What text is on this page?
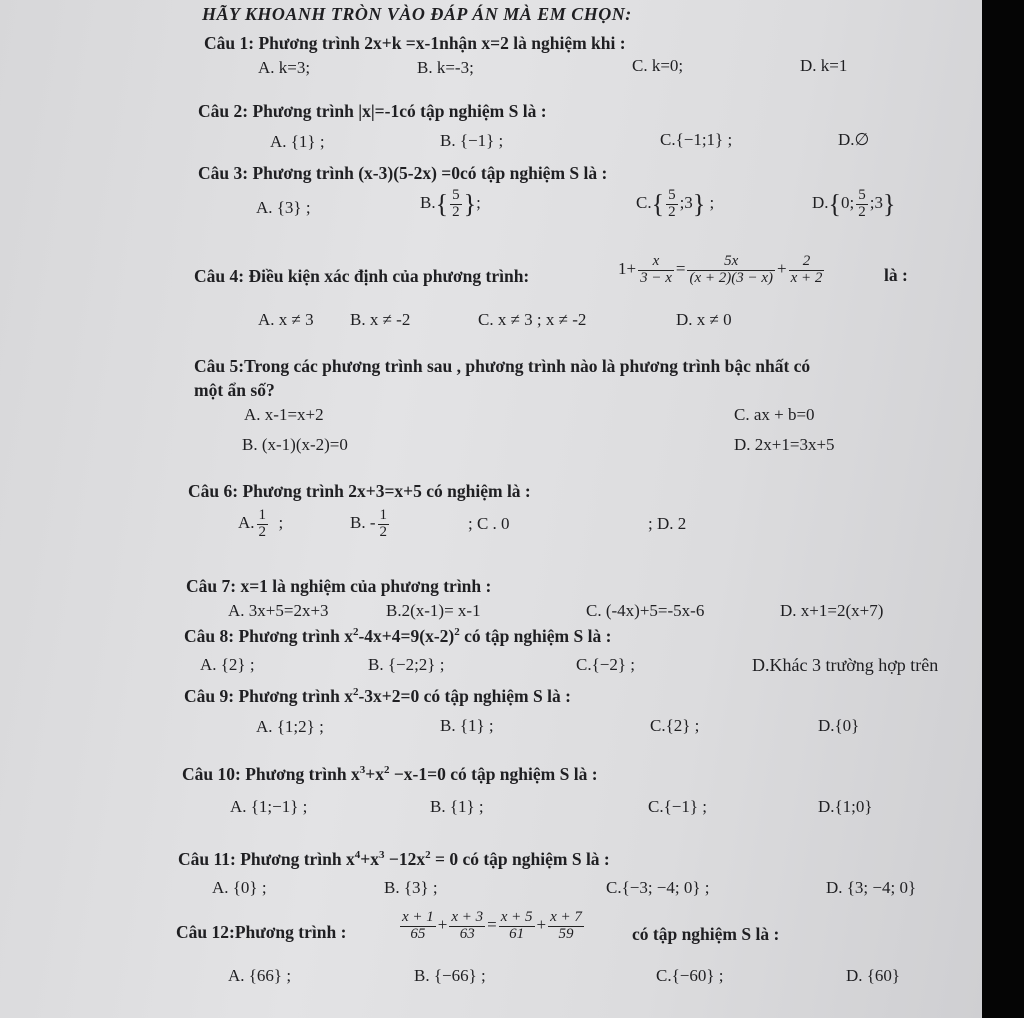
HÃY KHOANH TRÒN VÀO ĐÁP ÁN MÀ EM CHỌN:
Câu 1: Phương trình 2x+k =x-1nhận x=2 là nghiệm khi :
A. k=3;	B. k=-3;	C. k=0;	D. k=1
Câu 2: Phương trình |x|=-1có tập nghiệm S là :
A. {1} ;	B. {−1} ;	C.{−1;1} ;	D.∅
Câu 3: Phương trình (x-3)(5-2x) =0có tập nghiệm S là :
A. {3} ;	$B.\{ \frac{5}{2}$ };	$C.\{ \frac{5}{2}$ ;3} ;	D.{0; $\frac{5}{2}$ ;3}
Câu 4: Điều kiện xác định của phương trình:	$1+ \frac{x}{3 - x} = \frac{5x}{(x + 2)(3 - x)} + \frac{2}{x + 2}$	là :
A. x ≠ 3 B. x ≠ -2	C. x ≠ 3 ; x ≠ -2	D. x ≠ 0
Câu 5:Trong các phương trình sau , phương trình nào là phương trình bậc nhất có
một ẩn số?
A. x-1=x+2	C. ax + b=0
B. (x-1)(x-2)=0	D. 2x+1=3x+5
Câu 6: Phương trình 2x+3=x+5 có nghiệm là :
A. $\frac{1}{2}$ ;	B. - $\frac{1}{2}$	; C . 0	; D. 2
Câu 7: x=1 là nghiệm của phương trình :
A. 3x+5=2x+3	B.2(x-1)= x-1	C. (-4x)+5=-5x-6	D. x+1=2(x+7)
Câu 8: Phương trình $x^2-4x+4=9(x-2)^2$ có tập nghiệm S là :
A. {2} ;	B. {−2;2} ;	C.{−2} ;	D.Khác 3 trường hợp trên
Câu 9: Phương trình $x^2-3x+2=0$ có tập nghiệm S là :
A. {1;2} ;	B. {1} ;	C.{2} ;	D.{0}
Câu 10: Phương trình $x^3+x^2 -x-1=0$ có tập nghiệm S là :
A. {1;−1} ;	B. {1} ;	C.{−1} ;	D.{1;0}
Câu 11: Phương trình $x^4+x^3 -12x^2 = 0$ có tập nghiệm S là :
A. {0} ;	B. {3} ;	C.{−3; −4; 0} ;	D. {3; −4; 0}
Câu 12:Phương trình :	$\frac{x + 1}{65} + \frac{x + 3}{63} = \frac{x + 5}{61} + \frac{x + 7}{59}$	có tập nghiệm S là :
A. {66} ;	B. {−66} ;	C.{−60} ;	D. {60}
